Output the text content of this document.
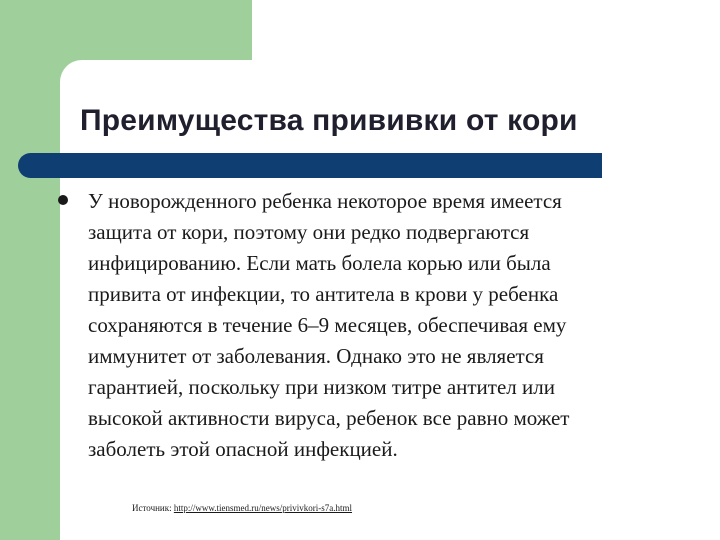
Преимущества прививки от кори
У новорожденного ребенка некоторое время имеется
защита от кори, поэтому они редко подвергаются
инфицированию. Если мать болела корью или была
привита от инфекции, то антитела в крови у ребенка
сохраняются в течение 6–9 месяцев, обеспечивая ему
иммунитет от заболевания. Однако это не является
гарантией, поскольку при низком титре антител или
высокой активности вируса, ребенок все равно может
заболеть этой опасной инфекцией.
Источник: http://www.tiensmed.ru/news/privivkori-s7a.html
